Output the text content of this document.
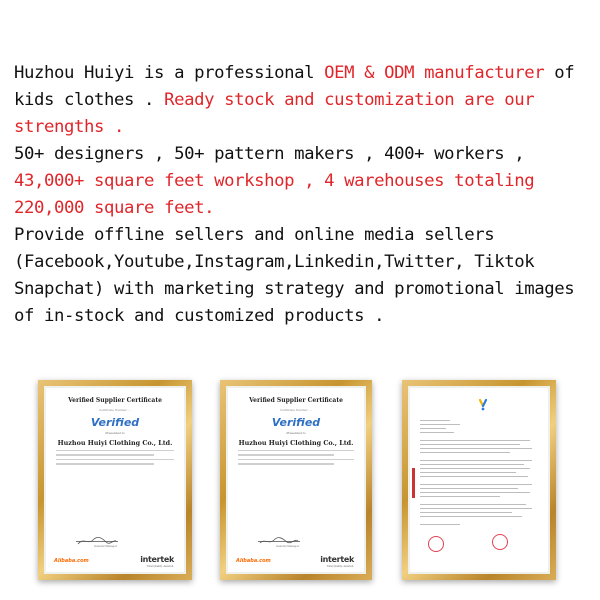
Huzhou Huiyi is a professional OEM & ODM manufacturer of kids clothes . Ready stock and customization are our strengths .

50+ designers , 50+ pattern makers , 400+ workers , 43,000+ square feet workshop , 4 warehouses totaling 220,000 square feet.

Provide offline sellers and online media sellers (Facebook,Youtube,Instagram,Linkedin,Twitter, Tiktok Snapchat) with marketing strategy and promotional images of in-stock and customized products .

Verified Supplier Certificate
Certificate Number: ...
Verified
Presented to
Huzhou Huiyi Clothing Co., Ltd.
General Manager
Alibaba.com	intertek
Total Quality. Assured.
Verified Supplier Certificate
Certificate Number: ...
Verified
Presented to
Huzhou Huiyi Clothing Co., Ltd.
General Manager
Alibaba.com	intertek
Total Quality. Assured.
